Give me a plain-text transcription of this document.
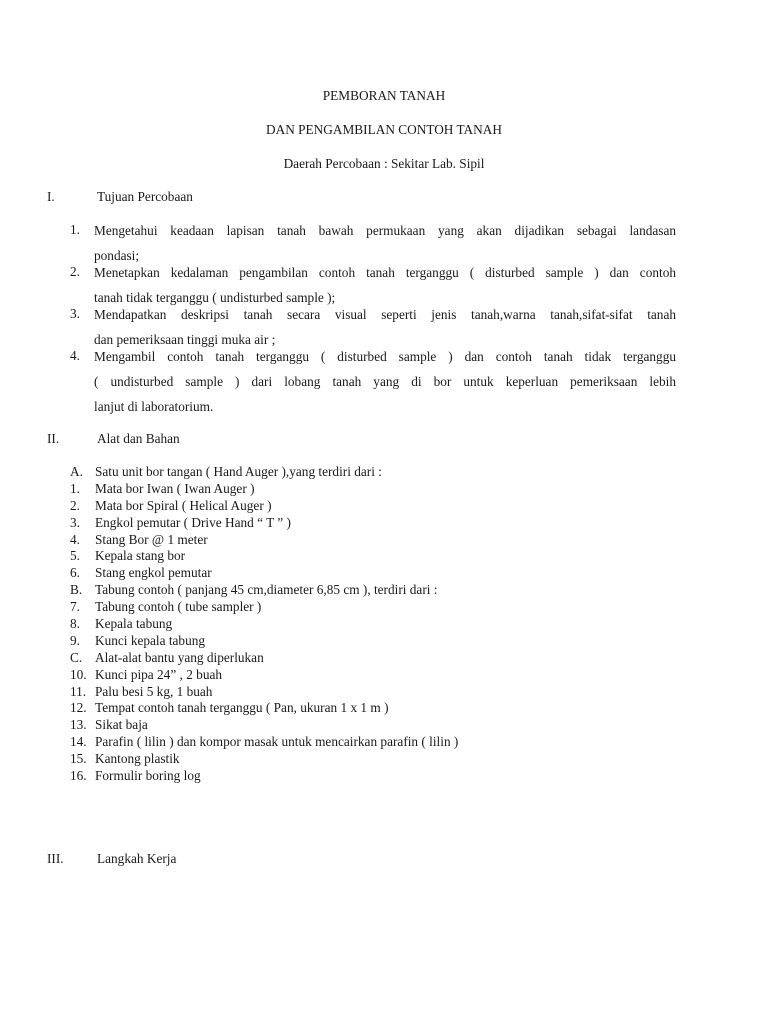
PEMBORAN TANAH
DAN PENGAMBILAN CONTOH TANAH
Daerah Percobaan : Sekitar Lab. Sipil
I.	Tujuan Percobaan
1. Mengetahui keadaan lapisan tanah bawah permukaan yang akan dijadikan sebagai landasan
pondasi;
2. Menetapkan kedalaman pengambilan contoh tanah terganggu ( disturbed sample ) dan contoh
tanah tidak terganggu ( undisturbed sample );
3. Mendapatkan deskripsi tanah secara visual seperti jenis tanah,warna tanah,sifat-sifat tanah
dan pemeriksaan tinggi muka air ;
4. Mengambil contoh tanah terganggu ( disturbed sample ) dan contoh tanah tidak terganggu
( undisturbed sample ) dari lobang tanah yang di bor untuk keperluan pemeriksaan lebih
lanjut di laboratorium.
II.	Alat dan Bahan
A. Satu unit bor tangan ( Hand Auger ),yang terdiri dari :
1. Mata bor Iwan ( Iwan Auger )
2. Mata bor Spiral ( Helical Auger )
3. Engkol pemutar ( Drive Hand “ T ” )
4. Stang Bor @ 1 meter
5. Kepala stang bor
6. Stang engkol pemutar
B. Tabung contoh ( panjang 45 cm,diameter 6,85 cm ), terdiri dari :
7. Tabung contoh ( tube sampler )
8. Kepala tabung
9. Kunci kepala tabung
C. Alat-alat bantu yang diperlukan
10. Kunci pipa 24” , 2 buah
11. Palu besi 5 kg, 1 buah
12. Tempat contoh tanah terganggu ( Pan, ukuran 1 x 1 m )
13. Sikat baja
14. Parafin ( lilin ) dan kompor masak untuk mencairkan parafin ( lilin )
15. Kantong plastik
16. Formulir boring log
III.	Langkah Kerja
